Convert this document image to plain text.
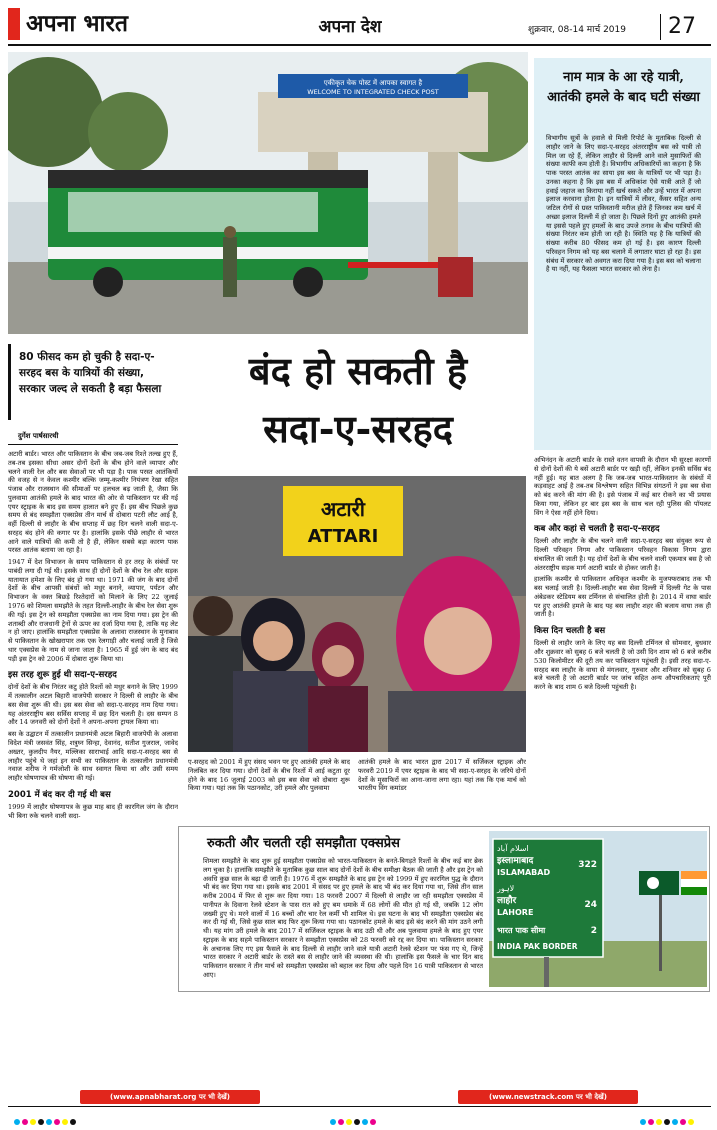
अपना भारत	अपना देश	शुक्रवार, 08-14 मार्च 2019 27
एकीकृत चेक पोस्ट में आपका स्वागत है
WELCOME TO INTEGRATED CHECK POST
नाम मात्र के आ रहे यात्री, आतंकी हमले के बाद घटी संख्या
विभागीय सूत्रों के हवाले से मिली रिपोर्ट के मुताबिक दिल्ली से लाहौर जाने के लिए सदा-ए-सरहद अंतरराष्ट्रीय बस को यात्री तो मिल जा रहे हैं, लेकिन लाहौर से दिल्ली आने वाले मुसाफिरों की संख्या काफी कम होती है। विभागीय अधिकारियों का कहना है कि पाक परस्त आतंक का साया इस बस के यात्रियों पर भी पड़ा है। उनका कहना है कि इस बस में अधिकांश ऐसे यात्री आते हैं जो हवाई जहाज का किराया नहीं खर्च सकते और उन्हें भारत में अपना इलाज करवाना होता है। इन यात्रियों में लीवर, कैंसर सहित अन्य जटिल रोगों से ग्रस्त पाकिस्तानी मरीज होते हैं जिनका कम खर्च में अच्छा इलाज दिल्ली में हो जाता है। पिछले दिनों हुए आतंकी हमले या इससे पहले हुए हमलों के बाद उपजे तनाव के बीच यात्रियों की संख्या निरंतर कम होती जा रही है। स्थिति यह है कि यात्रियों की संख्या करीब 80 फीसद कम हो गई है। इस कारण दिल्ली परिवहन निगम को यह बस चलाने में लगातार घाटा हो रहा है। इस संबंध में सरकार को अवगत करा दिया गया है। इस बस को चलाना है या नहीं, यह फैसला भारत सरकार को लेना है।
80 फीसद कम हो चुकी है सदा-ए-सरहद बस के यात्रियों की संख्या, सरकार जल्द ले सकती है बड़ा फैसला	बंद हो सकती है
सदा-ए-सरहद
दुर्गेश पार्षसारथी
अटारी बार्डर। भारत और पाकिस्तान के बीच जब-जब रिश्ते तल्ख हुए हैं, तब-तब इसका सीधा असर दोनों देशों के बीच होने वाले व्यापार और चलने वाली रेल और बस सेवाओं पर भी पड़ा है। पाक परस्त आतंकियों की वजह से न केवल कश्मीर बल्कि जम्मू-कश्मीर नियंत्रण रेखा सहित पंजाब और राजस्थान की सीमाओं पर हलचल बढ़ जाती है, जैसा कि पुलवामा आतंकी हमले के बाद भारत की ओर से पाकिस्तान पर की गई एयर स्ट्राइक के बाद इस समय हालात बने हुए हैं। इस बीच पिछले कुछ समय से बंद समझौता एक्सप्रेस तीन मार्च से दोबारा पटरी लौट आई है, वहीं दिल्ली से लाहौर के बीच सप्ताह में छह दिन चलने वाली सदा-ए-सरहद बंद होने की कगार पर है। हालांकि इसके पीछे लाहौर से भारत आने वाले यात्रियों की कमी तो है ही, लेकिन सबसे बड़ा कारण पाक परस्त आतंक बताया जा रहा है।
1947 में देश विभाजन के समय पाकिस्तान से हर तरह के संबंधों पर पाबंदी लगा दी गई थी। इसके साथ ही दोनों देशों के बीच रेल और सड़क यातायात हमेशा के लिए बंद हो गया था। 1971 की जंग के बाद दोनों देशों के बीच आपसी संबंधों को मधुर बनाने, व्यापार, पर्यटन और विभाजन के वक्त बिछड़े रिश्तेदारों को मिलाने के लिए 22 जुलाई 1976 को शिमला समझौते के तहत दिल्ली-लाहौर के बीच रेल सेवा शुरू की गई। इस ट्रेन को समझौता एक्सप्रेस का नाम दिया गया। इस ट्रेन की शताब्दी और राजधानी ट्रेनों से ऊपर का दर्जा दिया गया है, ताकि यह लेट न हो जाए। हालांकि समझौता एक्सप्रेस के अलावा राजस्थान के मुनाबाव से पाकिस्तान के खोखरापार तक एक रेलगाड़ी और चलाई जाती है जिसे थार एक्सप्रेस के नाम से जाना जाता है। 1965 में हुई जंग के बाद बंद पड़ी इस ट्रेन को 2006 में दोबारा शुरू किया था।
इस तरह शुरू हुई थी सदा-ए-सरहद
दोनों देशों के बीच निरंतर कटु होते रिश्तों को मधुर बनाने के लिए 1999 में तत्कालीन अटल बिहारी वाजपेयी सरकार ने दिल्ली से लाहौर के बीच बस सेवा शुरू की थी। इस बस सेवा को सदा-ए-सरहद नाम दिया गया। यह अंतरराष्ट्रीय बस सर्विस सप्ताह में छह दिन चलती है। दस सम्पन 8 और 14 जनवरी को दोनों देशों ने अपना-अपना ट्रायल किया था।
बस के उद्घाटन में तत्कालीन प्रधानमंत्री अटल बिहारी वाजपेयी के अलावा विदेश मंत्री जसवंत सिंह, शत्रुघ्न सिन्हा, देवानंद, सतीश गुजराल, जावेद अख्तर, कुलदीप नैयर, मल्लिका साराभाई आदि सदा-ए-सरहद बस से लाहौर पहुंचे थे जहां इन सभी का पाकिस्तान के तत्कालीन प्रधानमंत्री नवाज शरीफ ने गर्मजोशी के साथ स्वागत किया था और उसी समय लाहौर घोषणापत्र की घोषणा की गई।
2001 में बंद कर दी गई थी बस
1999 में लाहौर घोषणापत्र के कुछ माह बाद ही कारगिल जंग के दौरान भी बिना रुके चलने वाली सदा-
अटारी
ATTARI
ए-सरहद को 2001 में हुए संसद भवन पर हुए आतंकी हमले के बाद निलंबित कर दिया गया। दोनों देशों के बीच रिश्तों में आई कटुता दूर होने के बाद 16 जुलाई 2003 को इस बस सेवा को दोबारा शुरू किया गया। यहां तक कि पठानकोट, उरी हमले और पुलवामा
आतंकी हमले के बाद भारत द्वारा 2017 में सर्जिकल स्ट्राइक और फरवरी 2019 में एयर स्ट्राइक के बाद भी सदा-ए-सरहद के जरिये दोनों देशों के मुसाफिरों का आना-जाना लगा रहा। यहां तक कि एक मार्च को भारतीय विंग कमांडर
अभिनंदन के अटारी बार्डर के रास्ते वतन वापसी के दौरान भी सुरक्षा कारणों से दोनों देशों की ये बसें अटारी बार्डर पर खड़ी रहीं, लेकिन इनकी सर्विस बंद नहीं हुई। यह बात अलग है कि जब-जब भारत-पाकिस्तान के संबंधों में कड़वाहट आई है तब-तब विश्लेषण सहित विभिन्न संगठनों ने इस बस सेवा को बंद करने की मांग की है। इसे पंजाब में कई बार रोकने का भी प्रयास किया गया, लेकिन हर बार इस बस के साथ चल रही पुलिस की पॉयलट विंग ने ऐसा नहीं होने दिया।
कब और कहां से चलती है सदा-ए-सरहद
दिल्ली और लाहौर के बीच चलने वाली सदा-ए-सरहद बस संयुक्त रूप से दिल्ली परिवहन निगम और पाकिस्तान परिवहन विकास निगम द्वारा संचालित की जाती है। यह दोनों देशों के बीच चलने वाली एकमात्र बस है जो अंतरराष्ट्रीय सड़क मार्ग अटारी बार्डर से होकर जाती है।
हालांकि कश्मीर से पाकिस्तान अधिकृत कश्मीर के मुजफ्फराबाद तक भी बस चलाई जाती है। दिल्ली-लाहौर बस सेवा दिल्ली में दिल्ली गेट के पास अंबेडकर स्टेडियम बस टर्मिनल से संचालित होती है। 2014 में वाघा बार्डर पर हुए आतंकी हमले के बाद यह बस लाहौर शहर की बजाय वाघा तक ही जाती है।
किस दिन चलती है बस
दिल्ली से लाहौर जाने के लिए यह बस दिल्ली टर्मिनल से सोमवार, बुधवार और शुक्रवार को सुबह 6 बजे चलती है जो उसी दिन शाम को 6 बजे करीब 530 किलोमीटर की दूरी तय कर पाकिस्तान पहुंचती है। इसी तरह सदा-ए-सरहद बस लाहौर के वाघा से मंगलवार, गुरुवार और शनिवार को सुबह 6 बजे चलती है जो अटारी बार्डर पर जांच सहित अन्य औपचारिकताएं पूरी करने के बाद शाम 6 बजे दिल्ली पहुंचती है।
रुकती और चलती रही समझौता एक्सप्रेस
शिमला समझौते के बाद शुरू हुई समझौता एक्सप्रेस को भारत-पाकिस्तान के बनते-बिगड़ते रिश्तों के बीच कई बार ब्रेक लग चुका है। हालांकि समझौते के मुताबिक कुछ साल बाद दोनों देशों के बीच समीक्षा बैठक की जाती है और इस ट्रेन को अवधि कुछ साल के बढ़ा दी जाती है। 1976 में शुरू समझौते के बाद इस ट्रेन को 1999 में हुए कारगिल युद्ध के दौरान भी बंद कर दिया गया था। इसके बाद 2001 में संसद पर हुए हमले के बाद भी बंद कर दिया गया था, जिसे तीन साल करीब 2004 में फिर से शुरू कर दिया गया। 18 फरवरी 2007 में दिल्ली से लाहौर जा रही समझौता एक्सप्रेस में पानीपत के दिवाना रेलवे स्टेशन के पास रात को हुए बम धमाके में 68 लोगों की मौत हो गई थी, जबकि 12 लोग जख्मी हुए थे। मरने वालों में 16 बच्चों और चार रेल कर्मी भी शामिल थे। इस घटना के बाद भी समझौता एक्सप्रेस बंद कर दी गई थी, जिसे कुछ साल बाद फिर शुरू किया गया था। पठानकोट हमले के बाद इसे बंद करने की मांग उठने लगी थी। यह मांग उरी हमले के बाद 2017 में सर्जिकल स्ट्राइक के बाद उठी थी और अब पुलवामा हमले के बाद हुए एयर स्ट्राइक के बाद सहमे पाकिस्तान सरकार ने समझौता एक्सप्रेस को 28 फरवरी को रद्द कर दिया था। पाकिस्तान सरकार के अचानक लिए गए इस फैसले के बाद दिल्ली से लाहौर जाने वाले यात्री अटारी रेलवे स्टेशन पर फंस गए थे, जिन्हें भारत सरकार ने अटारी बार्डर के रास्ते बस से लाहौर जाने की व्यवस्था की थी। हालांकि इस फैसले के चार दिन बाद पाकिस्तान सरकार ने तीन मार्च को समझौता एक्सप्रेस को बहाल कर दिया और पहले दिन 16 यात्री पाकिस्तान से भारत आए।
اسلام آباد
इस्लामाबाद
ISLAMABAD
322
لاہور
लाहौर
LAHORE
24
भारत पाक सीमा	2
INDIA PAK BORDER
(www.apnabharat.org पर भी देखें)	(www.newstrack.com पर भी देखें)
